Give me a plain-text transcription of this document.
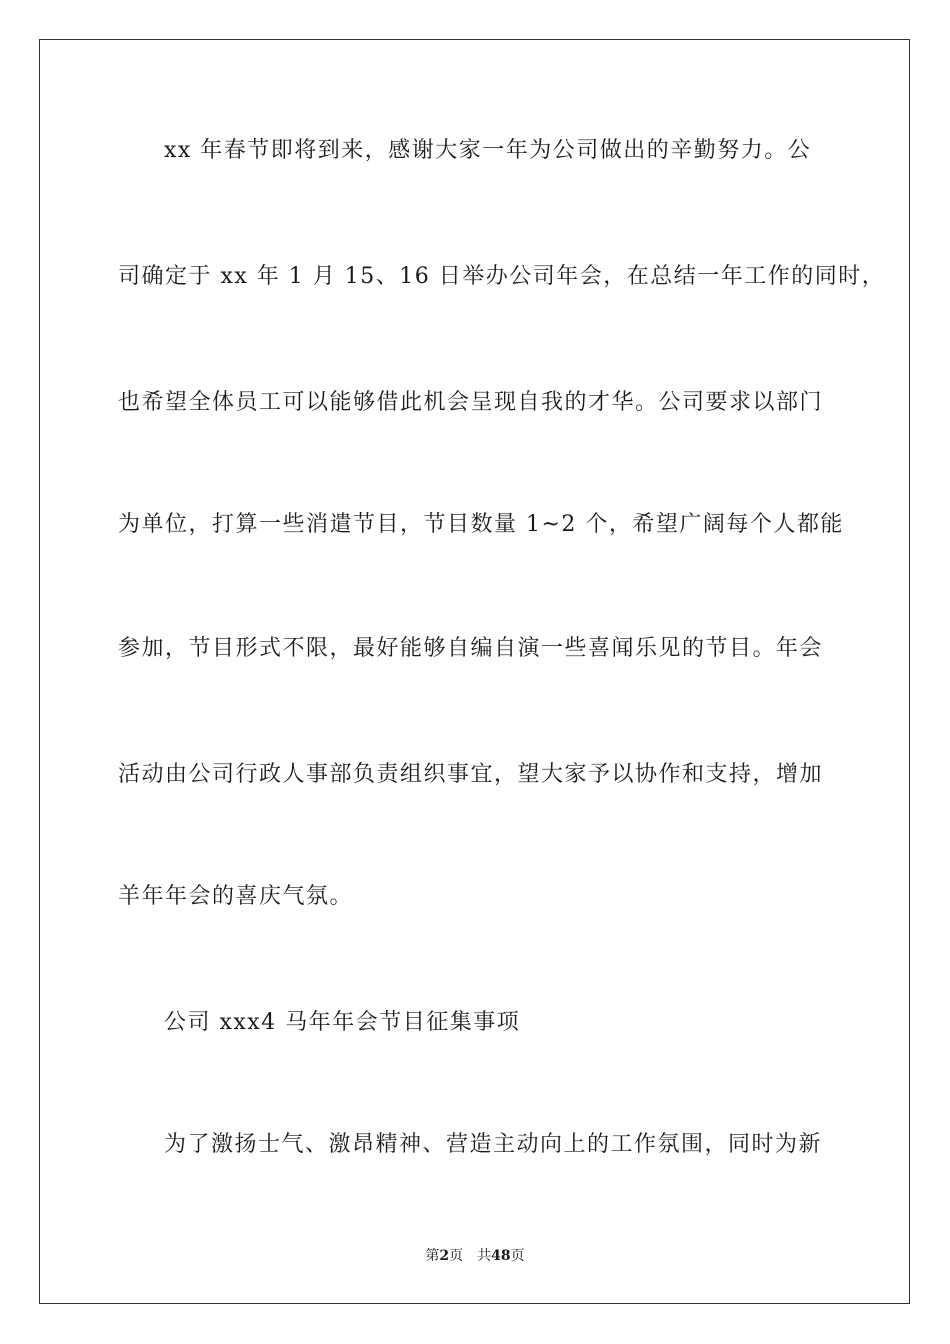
xx 年春节即将到来，感谢大家一年为公司做出的辛勤努力。公
司确定于 xx 年 1 月 15、16 日举办公司年会，在总结一年工作的同时，
也希望全体员工可以能够借此机会呈现自我的才华。公司要求以部门
为单位，打算一些消遣节目，节目数量 1~2 个，希望广阔每个人都能
参加，节目形式不限，最好能够自编自演一些喜闻乐见的节目。年会
活动由公司行政人事部负责组织事宜，望大家予以协作和支持，增加
羊年年会的喜庆气氛。
公司 xxx4 马年年会节目征集事项
为了激扬士气、激昂精神、营造主动向上的工作氛围，同时为新
第2页 共48页
